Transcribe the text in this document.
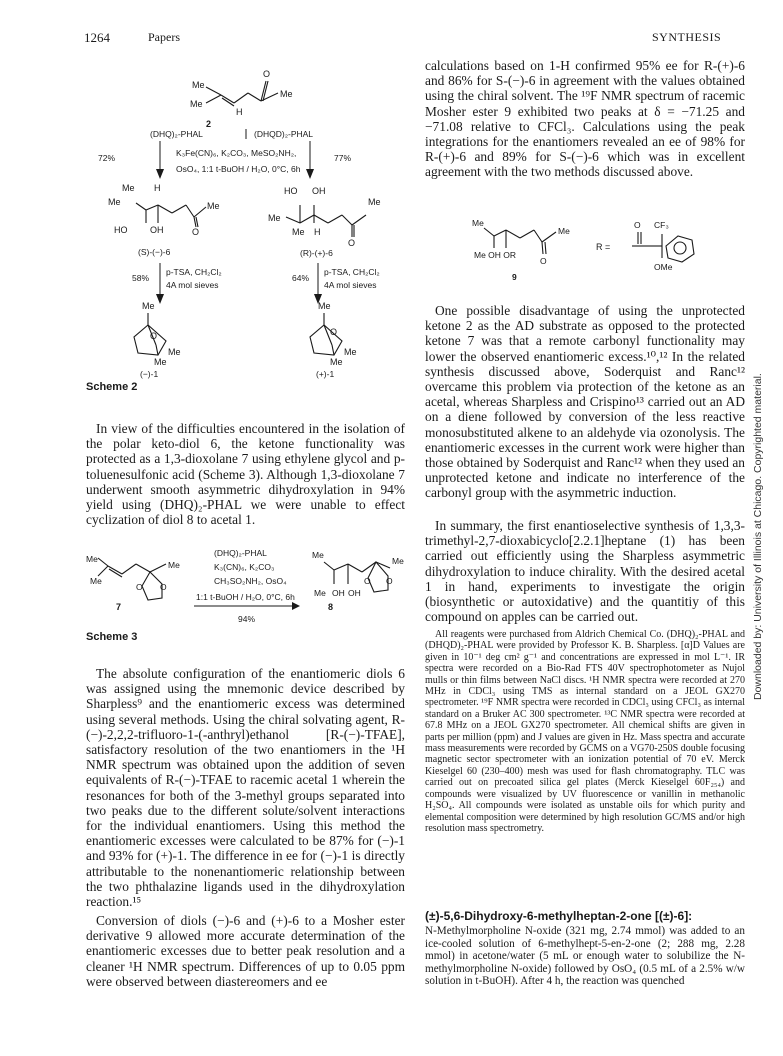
1264	Papers	SYNTHESIS
Me
Me
H
O
Me
2
(DHQ)₂-PHAL	(DHQD)₂-PHAL
K₃Fe(CN)₆, K₂CO₃, MeSO₂NH₂,
OsO₄, 1:1 t-BuOH / H₂O, 0°C, 6h
72%	77%
Me H
Me	Me
HO	OH	O
(S)-(−)-6
HO OH
Me
Me
Me H
O
(R)-(+)-6
58%
p-TSA, CH₂Cl₂
4A mol sieves
64%
p-TSA, CH₂Cl₂
4A mol sieves
Me
O
Me
Me
(−)-1
Me
O
Me
Me
(+)-1
Scheme 2

In view of the difficulties encountered in the isolation of the polar keto-diol 6, the ketone functionality was protected as a 1,3-dioxolane 7 using ethylene glycol and p-toluenesulfonic acid (Scheme 3). Although 1,3-dioxolane 7 underwent smooth asymmetric dihydroxylation in 94% yield using (DHQ)₂-PHAL we were unable to effect cyclization of diol 8 to acetal 1.

Me
Me
Me
O O
7
(DHQ)₂-PHAL
K₃(CN)₆, K₂CO₃
CH₃SO₂NH₂, OsO₄
1:1 t-BuOH / H₂O, 0°C, 6h
94%
Me
Me
Me OH OH
O O
8
Scheme 3

The absolute configuration of the enantiomeric diols 6 was assigned using the mnemonic device described by Sharpless⁹ and the enantiomeric excess was determined using several methods. Using the chiral solvating agent, R-(−)-2,2,2-trifluoro-1-(-anthryl)ethanol [R-(−)-TFAE], satisfactory resolution of the two enantiomers in the ¹H NMR spectrum was obtained upon the addition of seven equivalents of R-(−)-TFAE to racemic acetal 1 wherein the resonances for both of the 3-methyl groups separated into two peaks due to the different solute/solvent interactions for the individual enantiomers. Using this method the enantiomeric excesses were calculated to be 87% for (−)-1 and 93% for (+)-1. The difference in ee for (−)-1 is directly attributable to the nonenantiomeric relationship between the two phthalazine ligands used in the dihydroxylation reaction.¹⁵

Conversion of diols (−)-6 and (+)-6 to a Mosher ester derivative 9 allowed more accurate determination of the enantiomeric excesses due to better peak resolution and a cleaner ¹H NMR spectrum. Differences of up to 0.05 ppm were observed between diastereomers and ee

calculations based on 1-H confirmed 95% ee for R-(+)-6 and 86% for S-(−)-6 in agreement with the values obtained using the chiral solvent. The ¹⁹F NMR spectrum of racemic Mosher ester 9 exhibited two peaks at δ = −71.25 and −71.08 relative to CFCl₃. Calculations using the peak integrations for the enantiomers revealed an ee of 98% for R-(+)-6 and 89% for S-(−)-6 which was in excellent agreement with the two methods discussed above.

Me
Me
Me OH OR
O
9
R =
O CF₃
OMe

One possible disadvantage of using the unprotected ketone 2 as the AD substrate as opposed to the protected ketone 7 was that a remote carbonyl functionality may lower the observed enantiomeric excess.¹⁰,¹² In the related synthesis discussed above, Soderquist and Ranc¹² overcame this problem via protection of the ketone as an acetal, whereas Sharpless and Crispino¹³ carried out an AD on a diene followed by conversion of the less reactive monosubstituted alkene to an aldehyde via ozonolysis. The enantiomeric excesses in the current work were higher than those obtained by Soderquist and Ranc¹² when they used an unprotected ketone and indicate no interference of the carbonyl group with the asymmetric induction.

In summary, the first enantioselective synthesis of 1,3,3-trimethyl-2,7-dioxabicyclo[2.2.1]heptane (1) has been carried out efficiently using the Sharpless asymmetric dihydroxylation to induce chirality. With the desired acetal 1 in hand, experiments to investigate the origin (biosynthetic or autoxidative) and the quantitiy of this compound on apples can be carried out.

All reagents were purchased from Aldrich Chemical Co. (DHQ)₂-PHAL and (DHQD)₂-PHAL were provided by Professor K. B. Sharpless. [α]D Values are given in 10⁻¹ deg cm² g⁻¹ and concentrations are expressed in mol L⁻¹. IR spectra were recorded on a Bio-Rad FTS 40V spectrophotometer as Nujol mulls or thin films between NaCl discs. ¹H NMR spectra were recorded at 270 MHz in CDCl₃ using TMS as internal standard on a JEOL GX270 spectrometer. ¹⁹F NMR spectra were recorded in CDCl₃ using CFCl₃ as internal standard on a Bruker AC 300 spectrometer. ¹³C NMR spectra were recorded at 67.8 MHz on a JEOL GX270 spectrometer. All chemical shifts are given in parts per million (ppm) and J values are given in Hz. Mass spectra and accurate mass measurements were recorded by GCMS on a VG70-250S double focusing magnetic sector spectrometer with an ionization potential of 70 eV. Merck Kieselgel 60 (230–400) mesh was used for flash chromatography. TLC was carried out on precoated silica gel plates (Merck Kieselgel 60F₂₅₄) and compounds were visualized by UV fluorescence or vanillin in methanolic H₂SO₄. All compounds were isolated as unstable oils for which purity and elemental composition were determined by high resolution GC/MS and/or high resolution mass spectrometry.

(±)-5,6-Dihydroxy-6-methylheptan-2-one [(±)-6]:

N-Methylmorpholine N-oxide (321 mg, 2.74 mmol) was added to an ice-cooled solution of 6-methylhept-5-en-2-one (2; 288 mg, 2.28 mmol) in acetone/water (5 mL or enough water to solubilize the N-methylmorpholine N-oxide) followed by OsO₄ (0.5 mL of a 2.5% w/w solution in t-BuOH). After 4 h, the reaction was quenched

Downloaded by: University of Illinois at Chicago. Copyrighted material.
